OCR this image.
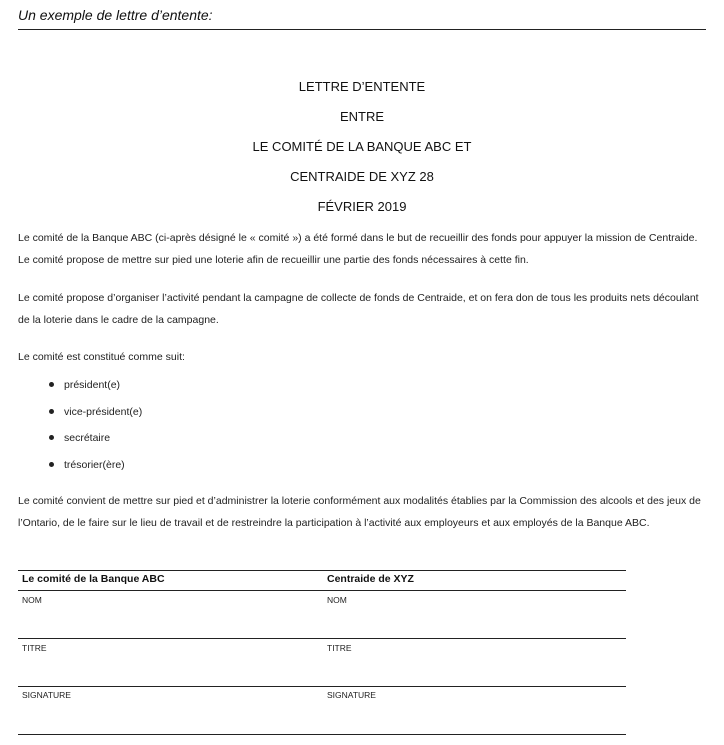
Un exemple de lettre d’entente:
LETTRE D’ENTENTE
ENTRE
LE COMITÉ DE LA BANQUE ABC ET
CENTRAIDE DE XYZ 28
FÉVRIER 2019
Le comité de la Banque ABC (ci-après désigné le « comité ») a été formé dans le but de recueillir des fonds pour appuyer la mission de Centraide. Le comité propose de mettre sur pied une loterie afin de recueillir une partie des fonds nécessaires à cette fin.
Le comité propose d’organiser l’activité pendant la campagne de collecte de fonds de Centraide, et on fera don de tous les produits nets découlant de la loterie dans le cadre de la campagne.
Le comité est constitué comme suit:
président(e)
vice-président(e)
secrétaire
trésorier(ère)
Le comité convient de mettre sur pied et d’administrer la loterie conformément aux modalités établies par la Commission des alcools et des jeux de l’Ontario, de le faire sur le lieu de travail et de restreindre la participation à l’activité aux employeurs et aux employés de la Banque ABC.
Le comité de la Banque ABC	Centraide de XYZ
NOM	NOM
TITRE	TITRE
SIGNATURE	SIGNATURE
